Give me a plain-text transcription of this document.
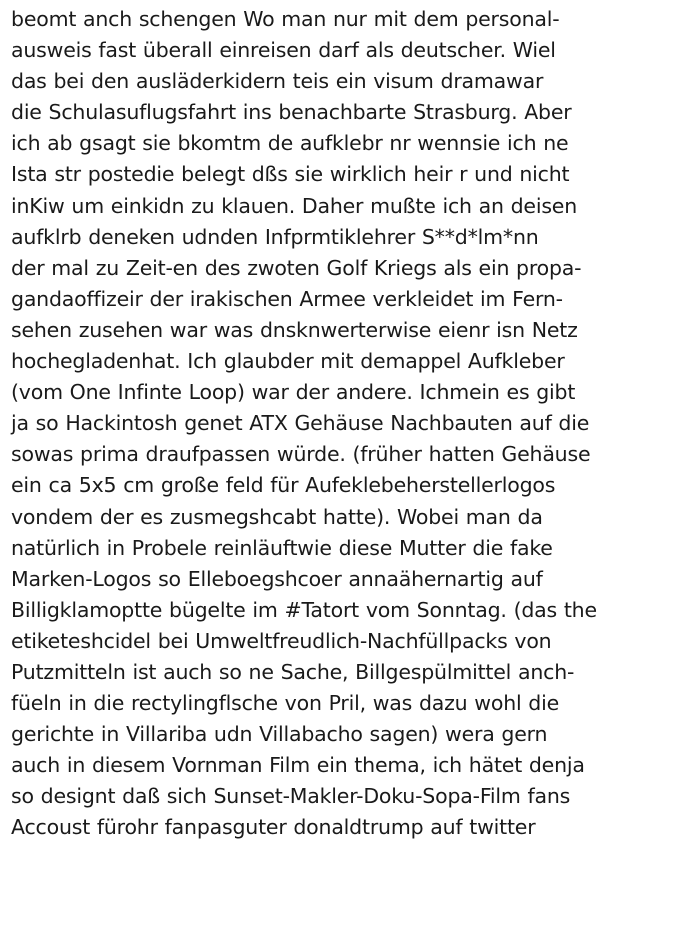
beomt anch schengen Wo man nur mit dem personal-
ausweis fast überall einreisen darf als deutscher. Wiel
das bei den ausläderkidern teis ein visum dramawar
die Schulasuflugsfahrt ins benachbarte Strasburg. Aber
ich ab gsagt sie bkomtm de aufklebr nr wennsie ich ne
Ista str postedie belegt dßs sie wirklich heir r und nicht
inKiw um einkidn zu klauen. Daher mußte ich an deisen
aufklrb deneken udnden Infprmtiklehrer S**d*lm*nn
der mal zu Zeit-en des zwoten Golf Kriegs als ein propa-
gandaoffizeir der irakischen Armee verkleidet im Fern-
sehen zusehen war was dnsknwerterwise eienr isn Netz
hochegladenhat. Ich glaubder mit demappel Aufkleber
(vom One Infinte Loop) war der andere. Ichmein es gibt
ja so Hackintosh genet ATX Gehäuse Nachbauten auf die
sowas prima draufpassen würde. (früher hatten Gehäuse
ein ca 5x5 cm große feld für Aufeklebeherstellerlogos
vondem der es zusmegshcabt hatte). Wobei man da
natürlich in Probele reinläuftwie diese Mutter die fake
Marken-Logos so Elleboegshcoer annaähernartig auf
Billigklamoptte bügelte im #Tatort vom Sonntag. (das the
etiketeshcidel bei Umweltfreudlich-Nachfüllpacks von
Putzmitteln ist auch so ne Sache, Billgespülmittel anch-
füeln in die rectylingflsche von Pril, was dazu wohl die
gerichte in Villariba udn Villabacho sagen) wera gern
auch in diesem Vornman Film ein thema, ich hätet denja
so designt daß sich Sunset-Makler-Doku-Sopa-Film fans
Accoust fürohr fanpasguter donaldtrump auf twitter
